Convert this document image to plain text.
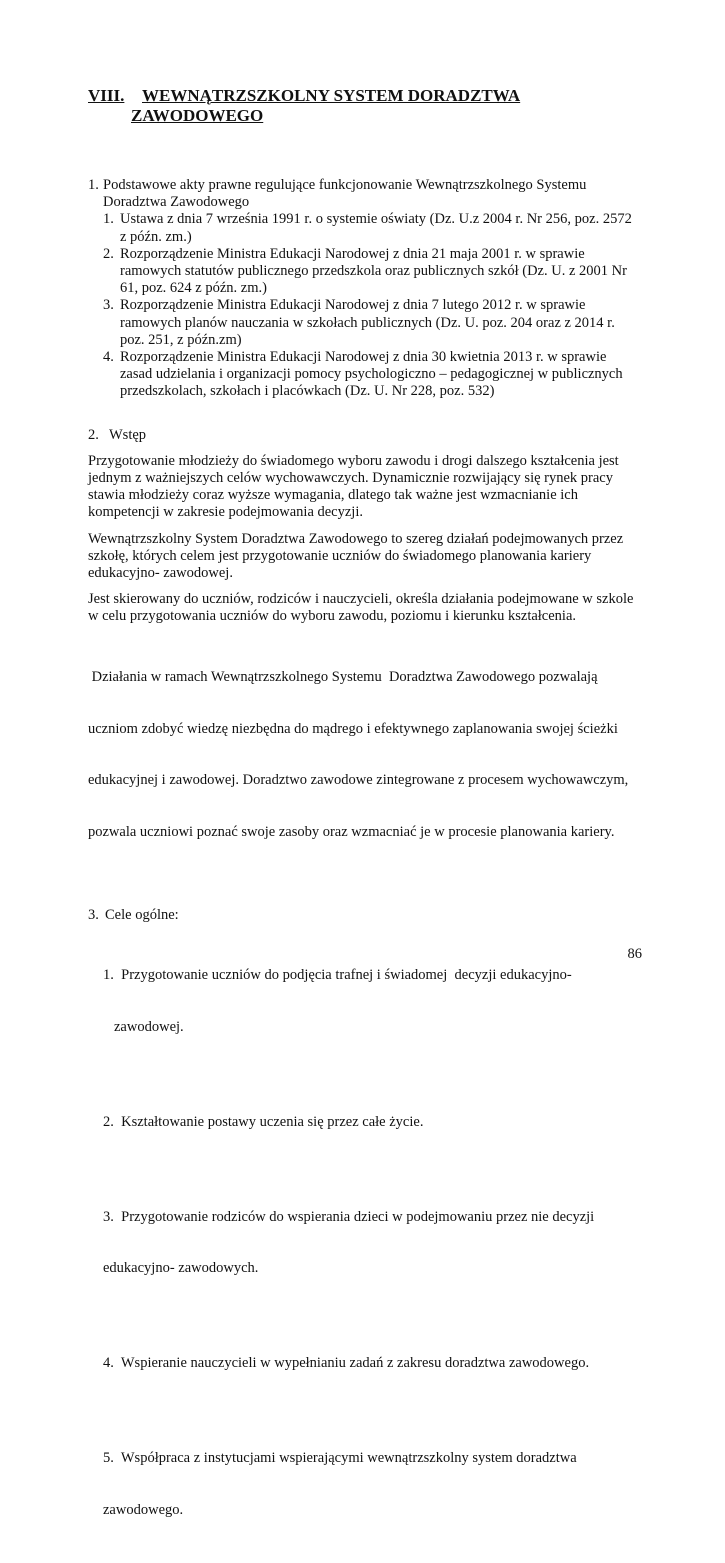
VIII.	WEWNĄTRZSZKOLNY SYSTEM DORADZTWA
ZAWODOWEGO
1. Podstawowe akty prawne regulujące funkcjonowanie Wewnątrzszkolnego Systemu
Doradztwa Zawodowego
1. Ustawa z dnia 7 września 1991 r. o systemie oświaty (Dz. U.z 2004 r. Nr 256, poz. 2572
z późn. zm.)
2. Rozporządzenie Ministra Edukacji Narodowej z dnia 21 maja 2001 r. w sprawie
ramowych statutów publicznego przedszkola oraz publicznych szkół (Dz. U. z 2001 Nr
61, poz. 624 z późn. zm.)
3. Rozporządzenie Ministra Edukacji Narodowej z dnia 7 lutego 2012 r. w sprawie
ramowych planów nauczania w szkołach publicznych (Dz. U. poz. 204 oraz z 2014 r.
poz. 251, z późn.zm)
4. Rozporządzenie Ministra Edukacji Narodowej z dnia 30 kwietnia 2013 r. w sprawie
zasad udzielania i organizacji pomocy psychologiczno – pedagogicznej w publicznych
przedszkolach, szkołach i placówkach (Dz. U. Nr 228, poz. 532)
2. Wstęp
Przygotowanie młodzieży do świadomego wyboru zawodu i drogi dalszego kształcenia jest
jednym z ważniejszych celów wychowawczych. Dynamicznie rozwijający się rynek pracy
stawia młodzieży coraz wyższe wymagania, dlatego tak ważne jest wzmacnianie ich
kompetencji w zakresie podejmowania decyzji.
Wewnątrzszkolny System Doradztwa Zawodowego to szereg działań podejmowanych przez
szkołę, których celem jest przygotowanie uczniów do świadomego planowania kariery
edukacyjno- zawodowej.
Jest skierowany do uczniów, rodziców i nauczycieli, określa działania podejmowane w szkole
w celu przygotowania uczniów do wyboru zawodu, poziomu i kierunku kształcenia.

Działania w ramach Wewnątrzszkolnego Systemu  Doradztwa Zawodowego pozwalają

uczniom zdobyć wiedzę niezbędna do mądrego i efektywnego zaplanowania swojej ścieżki

edukacyjnej i zawodowej. Doradztwo zawodowe zintegrowane z procesem wychowawczym,

pozwala uczniowi poznać swoje zasoby oraz wzmacniać je w procesie planowania kariery.

3. Cele ogólne:

1.  Przygotowanie uczniów do podjęcia trafnej i świadomej  decyzji edukacyjno-

zawodowej.

2.  Kształtowanie postawy uczenia się przez całe życie.

3.  Przygotowanie rodziców do wspierania dzieci w podejmowaniu przez nie decyzji

edukacyjno- zawodowych.

4.  Wspieranie nauczycieli w wypełnianiu zadań z zakresu doradztwa zawodowego.

5.  Współpraca z instytucjami wspierającymi wewnątrzszkolny system doradztwa

zawodowego.

86
